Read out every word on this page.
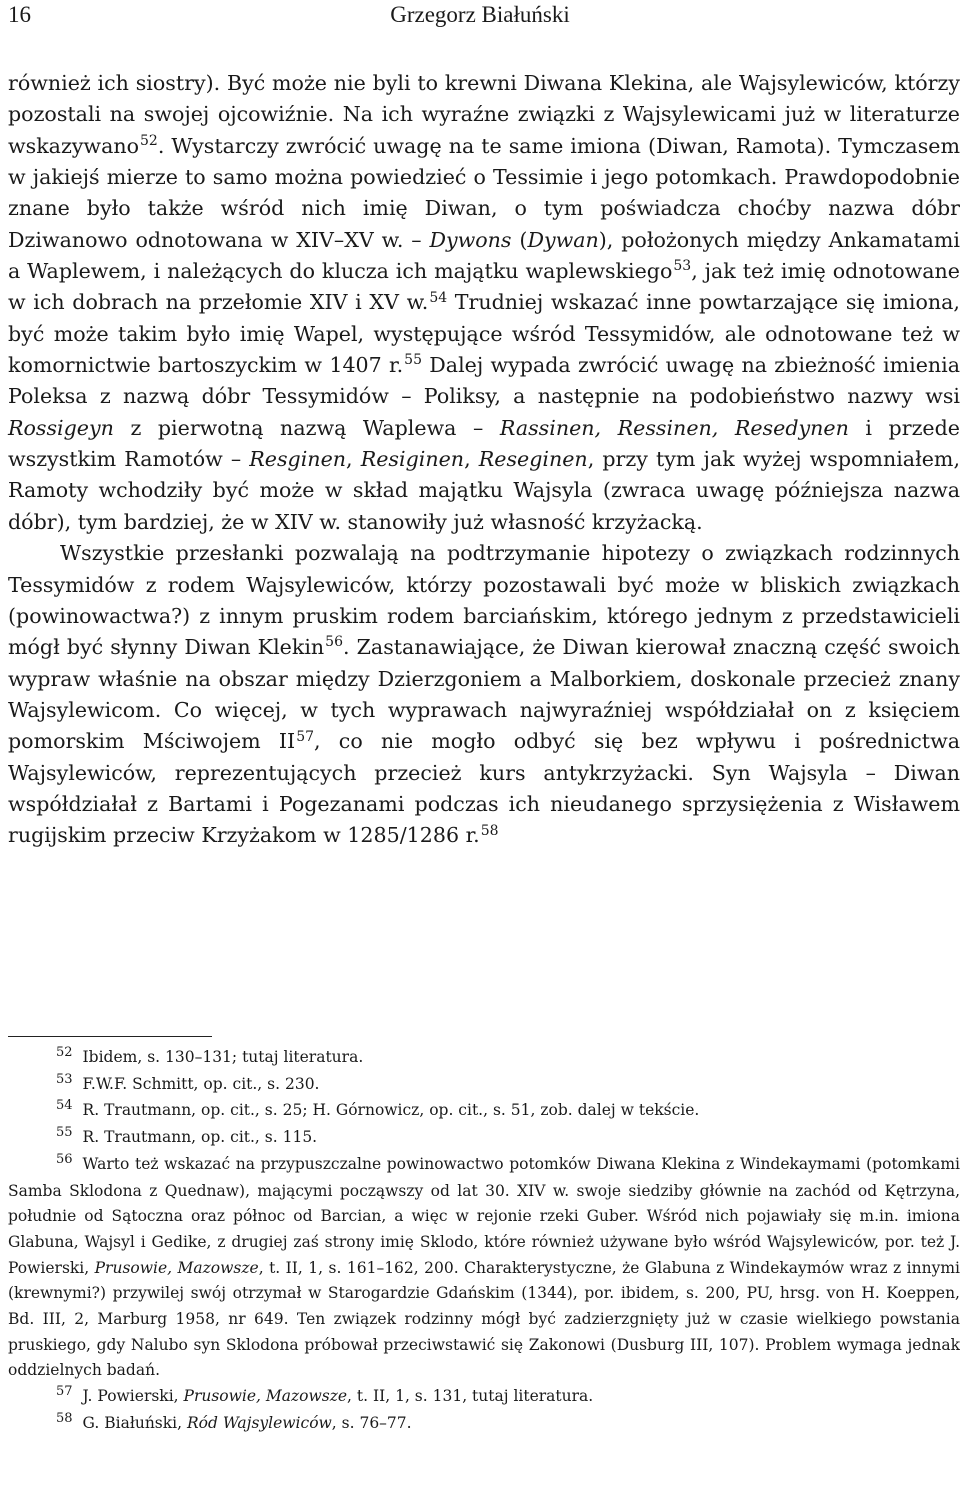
16	Grzegorz Białuński

również ich siostry). Być może nie byli to krewni Diwana Klekina, ale Wajsylewiców, którzy pozostali na swojej ojcowiźnie. Na ich wyraźne związki z Wajsylewicami już w literaturze wskazywano$^{52}$. Wystarczy zwrócić uwagę na te same imiona (Diwan, Ramota). Tymczasem w jakiejś mierze to samo można powiedzieć o Tessimie i jego potomkach. Prawdopodobnie znane było także wśród nich imię Diwan, o tym poświadcza choćby nazwa dóbr Dziwanowo odnotowana w XIV–XV w. – Dywons (Dywan), położonych między Ankamatami a Waplewem, i należących do klucza ich majątku waplewskiego$^{53}$, jak też imię odnotowane w ich dobrach na przełomie XIV i XV w.$^{54}$ Trudniej wskazać inne powtarzające się imiona, być może takim było imię Wapel, występujące wśród Tessymidów, ale odnotowane też w komornictwie bartoszyckim w 1407 r.$^{55}$ Dalej wypada zwrócić uwagę na zbieżność imienia Poleksa z nazwą dóbr Tessymidów – Poliksy, a następnie na podobieństwo nazwy wsi Rossigeyn z pierwotną nazwą Waplewa – Rassinen, Ressinen, Resedynen i przede wszystkim Ramotów – Resginen, Resiginen, Reseginen, przy tym jak wyżej wspomniałem, Ramoty wchodziły być może w skład majątku Wajsyla (zwraca uwagę późniejsza nazwa dóbr), tym bardziej, że w XIV w. stanowiły już własność krzyżacką.

Wszystkie przesłanki pozwalają na podtrzymanie hipotezy o związkach rodzinnych Tessymidów z rodem Wajsylewiców, którzy pozostawali być może w bliskich związkach (powinowactwa?) z innym pruskim rodem barciańskim, którego jednym z przedstawicieli mógł być słynny Diwan Klekin$^{56}$. Zastanawiające, że Diwan kierował znaczną część swoich wypraw właśnie na obszar między Dzierzgoniem a Malborkiem, doskonale przecież znany Wajsylewicom. Co więcej, w tych wyprawach najwyraźniej współdziałał on z księciem pomorskim Mściwojem II$^{57}$, co nie mogło odbyć się bez wpływu i pośrednictwa Wajsylewiców, reprezentujących przecież kurs antykrzyżacki. Syn Wajsyla – Diwan współdziałał z Bartami i Pogezanami podczas ich nieudanego sprzysiężenia z Wisławem rugijskim przeciw Krzyżakom w 1285/1286 r.$^{58}$

$^{52}$ Ibidem, s. 130–131; tutaj literatura.

$^{53}$ F.W.F. Schmitt, op. cit., s. 230.

$^{54}$ R. Trautmann, op. cit., s. 25; H. Górnowicz, op. cit., s. 51, zob. dalej w tekście.

$^{55}$ R. Trautmann, op. cit., s. 115.

$^{56}$ Warto też wskazać na przypuszczalne powinowactwo potomków Diwana Klekina z Windekaymami (potomkami Samba Sklodona z Quednaw), mającymi począwszy od lat 30. XIV w. swoje siedziby głównie na zachód od Kętrzyna, południe od Sątocznа oraz północ od Barcian, a więc w rejonie rzeki Guber. Wśród nich pojawiały się m.in. imiona Glabuna, Wajsyl i Gedike, z drugiej zaś strony imię Sklodo, które również używane było wśród Wajsylewiców, por. też J. Powierski, Prusowie, Mazowsze, t. II, 1, s. 161–162, 200. Charakterystyczne, że Glabuna z Windekaymów wraz z innymi (krewnymi?) przywilej swój otrzymał w Starogardzie Gdańskim (1344), por. ibidem, s. 200, PU, hrsg. von H. Koeppen, Bd. III, 2, Marburg 1958, nr 649. Ten związek rodzinny mógł być zadzierzgnięty już w czasie wielkiego powstania pruskiego, gdy Nalubo syn Sklodona próbował przeciwstawić się Zakonowi (Dusburg III, 107). Problem wymaga jednak oddzielnych badań.

$^{57}$ J. Powierski, Prusowie, Mazowsze, t. II, 1, s. 131, tutaj literatura.

$^{58}$ G. Białuński, Ród Wajsylewiców, s. 76–77.
